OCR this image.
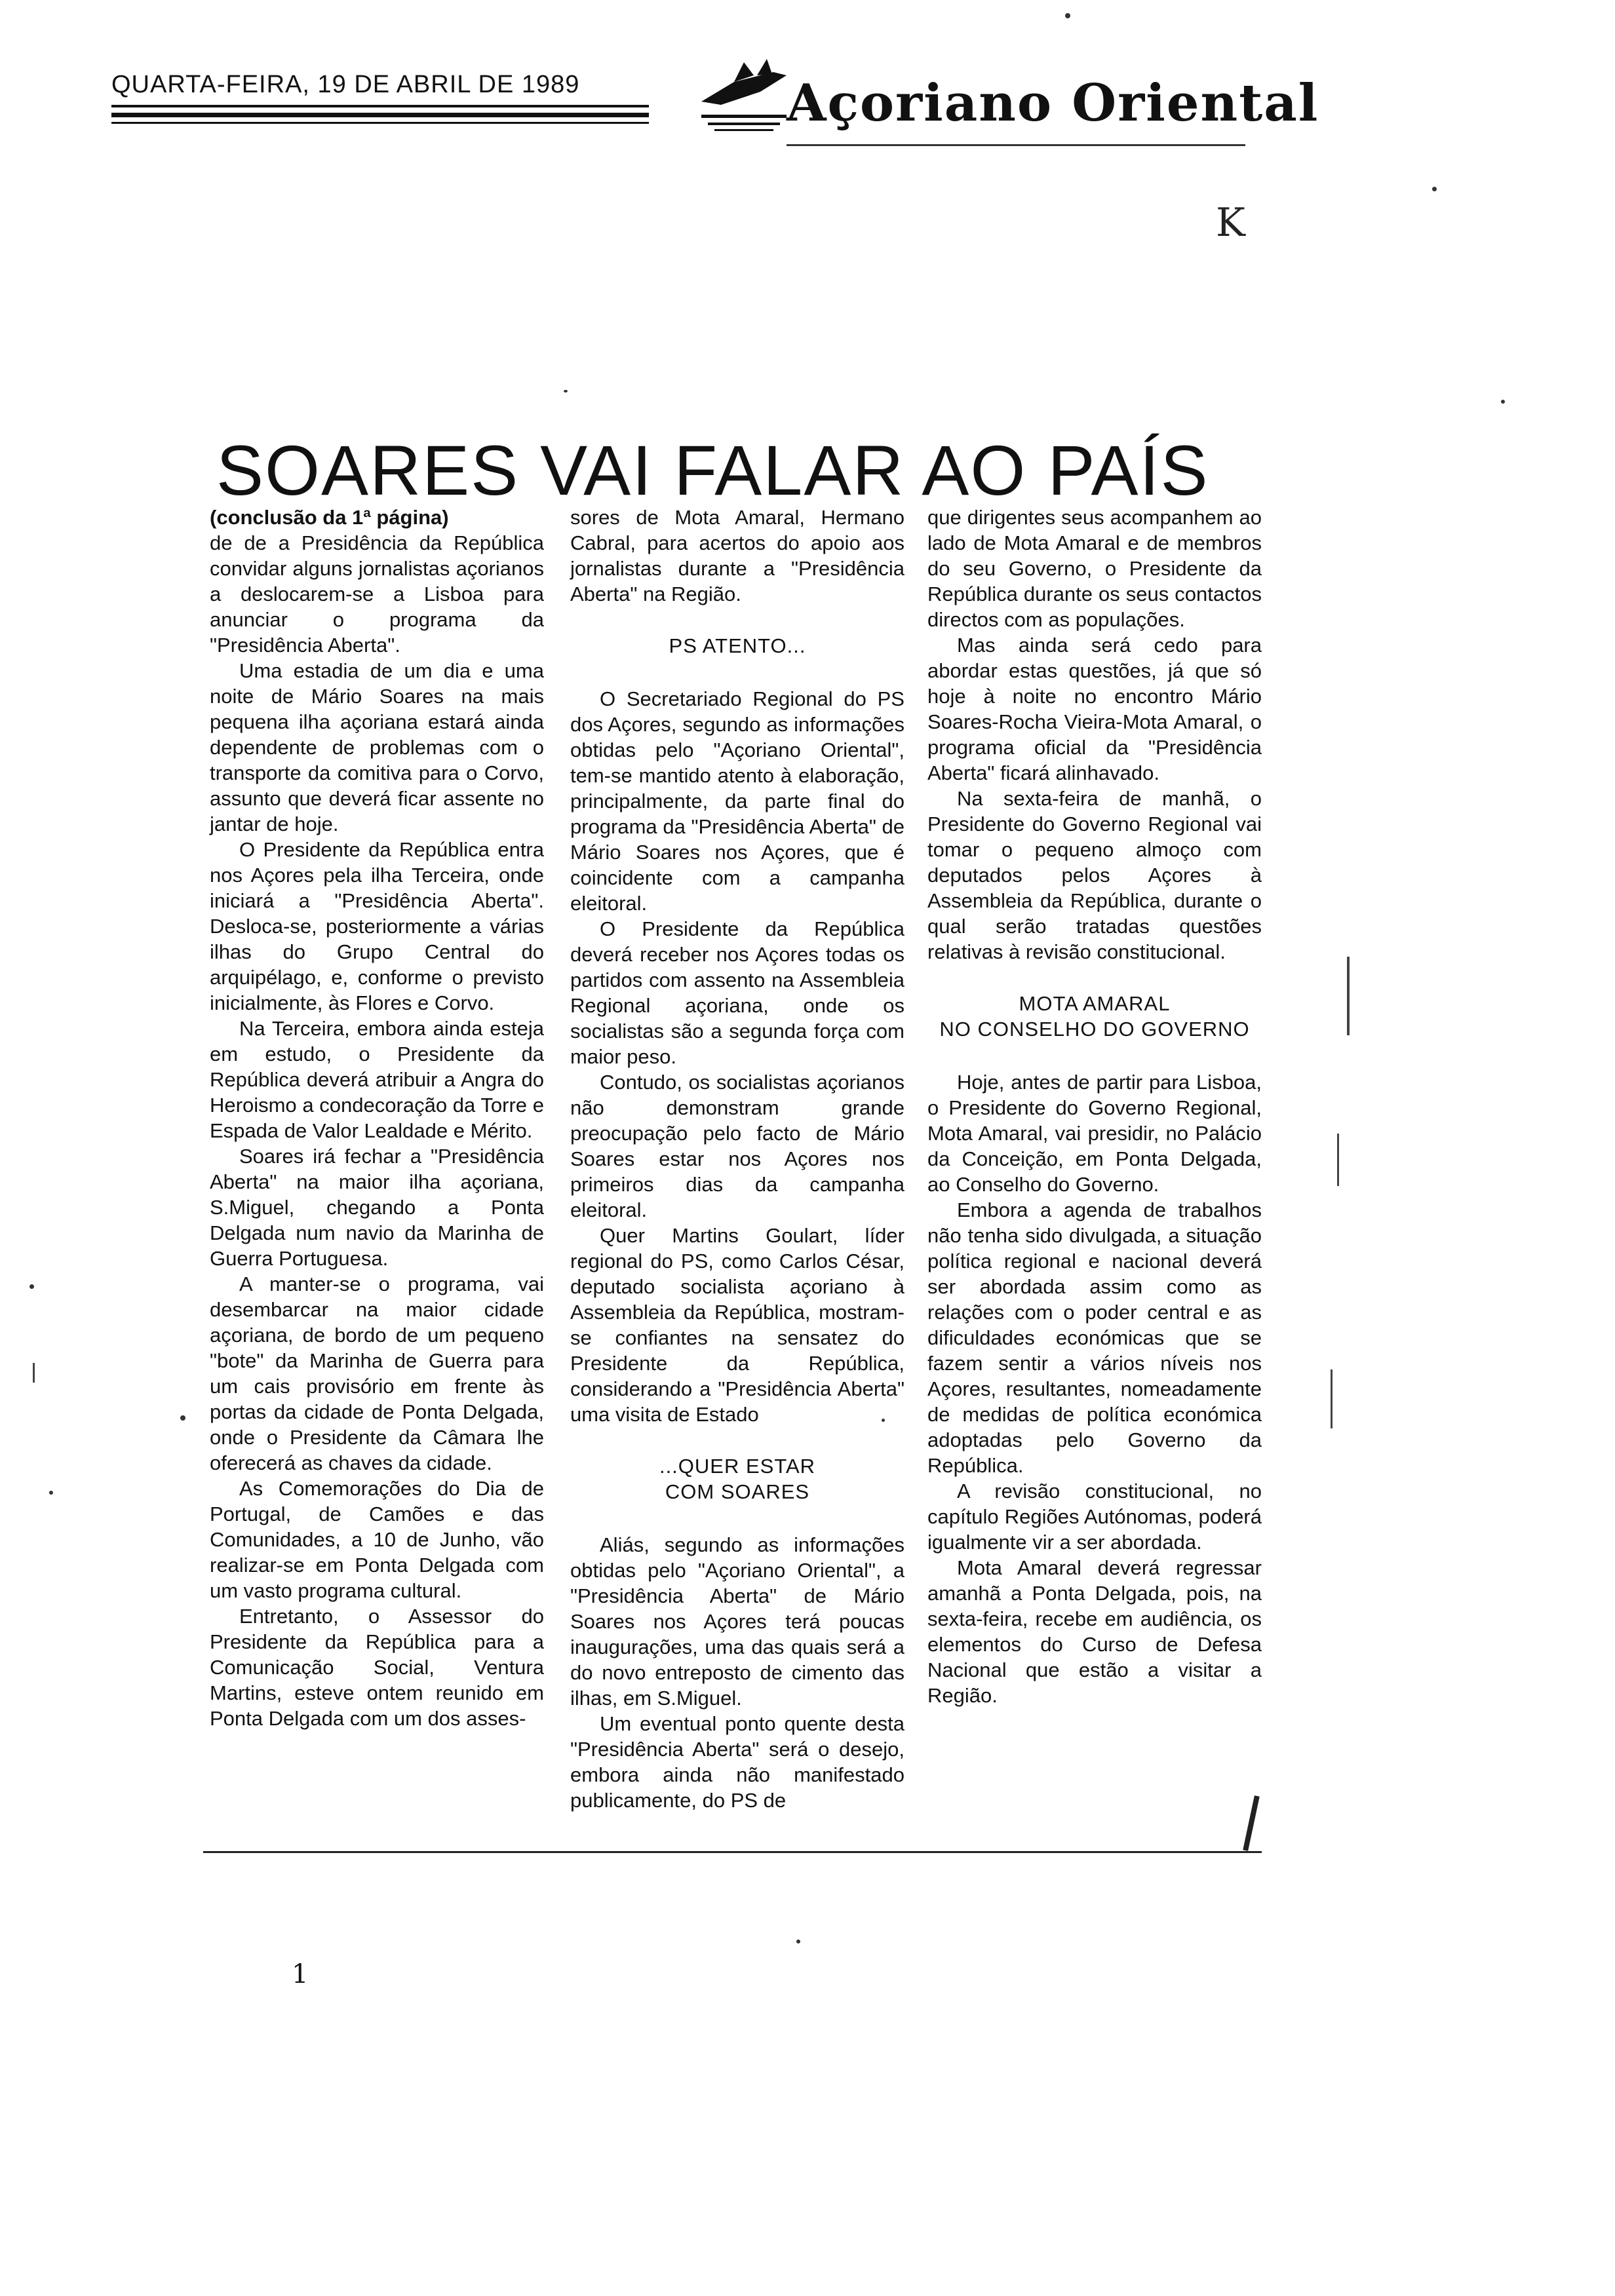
QUARTA-FEIRA, 19 DE ABRIL DE 1989	Açoriano Oriental
K
SOARES VAI FALAR AO PAÍS

(conclusão da 1ª página)

de de a Presidência da República convidar alguns jornalistas açorianos a deslocarem-se a Lisboa para anunciar o programa da "Presidência Aberta".

Uma estadia de um dia e uma noite de Mário Soares na mais pequena ilha açoriana estará ainda dependente de problemas com o transporte da comitiva para o Corvo, assunto que deverá ficar assente no jantar de hoje.

O Presidente da República entra nos Açores pela ilha Terceira, onde iniciará a "Presidência Aberta". Desloca-se, posteriormente a várias ilhas do Grupo Central do arquipélago, e, conforme o previsto inicialmente, às Flores e Corvo.

Na Terceira, embora ainda esteja em estudo, o Presidente da República deverá atribuir a Angra do Heroismo a condecoração da Torre e Espada de Valor Lealdade e Mérito.

Soares irá fechar a "Presidência Aberta" na maior ilha açoriana, S.Miguel, chegando a Ponta Delgada num navio da Marinha de Guerra Portuguesa.

A manter-se o programa, vai desembarcar na maior cidade açoriana, de bordo de um pequeno "bote" da Marinha de Guerra para um cais provisório em frente às portas da cidade de Ponta Delgada, onde o Presidente da Câmara lhe oferecerá as chaves da cidade.

As Comemorações do Dia de Portugal, de Camões e das Comunidades, a 10 de Junho, vão realizar-se em Ponta Delgada com um vasto programa cultural.

Entretanto, o Assessor do Presidente da República para a Comunicação Social, Ventura Martins, esteve ontem reunido em Ponta Delgada com um dos asses-

sores de Mota Amaral, Hermano Cabral, para acertos do apoio aos jornalistas durante a "Presidência Aberta" na Região.

PS ATENTO...

O Secretariado Regional do PS dos Açores, segundo as informações obtidas pelo "Açoriano Oriental", tem-se mantido atento à elaboração, principalmente, da parte final do programa da "Presidência Aberta" de Mário Soares nos Açores, que é coincidente com a campanha eleitoral.

O Presidente da República deverá receber nos Açores todas os partidos com assento na Assembleia Regional açoriana, onde os socialistas são a segunda força com maior peso.

Contudo, os socialistas açorianos não demonstram grande preocupação pelo facto de Mário Soares estar nos Açores nos primeiros dias da campanha eleitoral.

Quer Martins Goulart, líder regional do PS, como Carlos César, deputado socialista açoriano à Assembleia da República, mostram-se confiantes na sensatez do Presidente da República, considerando a "Presidência Aberta" uma visita de Estado

...QUER ESTAR
COM SOARES

Aliás, segundo as informações obtidas pelo "Açoriano Oriental", a "Presidência Aberta" de Mário Soares nos Açores terá poucas inaugurações, uma das quais será a do novo entreposto de cimento das ilhas, em S.Miguel.

Um eventual ponto quente desta "Presidência Aberta" será o desejo, embora ainda não manifestado publicamente, do PS de

que dirigentes seus acompanhem ao lado de Mota Amaral e de membros do seu Governo, o Presidente da República durante os seus contactos directos com as populações.

Mas ainda será cedo para abordar estas questões, já que só hoje à noite no encontro Mário Soares-Rocha Vieira-Mota Amaral, o programa oficial da "Presidência Aberta" ficará alinhavado.

Na sexta-feira de manhã, o Presidente do Governo Regional vai tomar o pequeno almoço com deputados pelos Açores à Assembleia da República, durante o qual serão tratadas questões relativas à revisão constitucional.

MOTA AMARAL
NO CONSELHO DO GOVERNO

Hoje, antes de partir para Lisboa, o Presidente do Governo Regional, Mota Amaral, vai presidir, no Palácio da Conceição, em Ponta Delgada, ao Conselho do Governo.

Embora a agenda de trabalhos não tenha sido divulgada, a situação política regional e nacional deverá ser abordada assim como as relações com o poder central e as dificuldades económicas que se fazem sentir a vários níveis nos Açores, resultantes, nomeadamente de medidas de política económica adoptadas pelo Governo da República.

A revisão constitucional, no capítulo Regiões Autónomas, poderá igualmente vir a ser abordada.

Mota Amaral deverá regressar amanhã a Ponta Delgada, pois, na sexta-feira, recebe em audiência, os elementos do Curso de Defesa Nacional que estão a visitar a Região.

1
